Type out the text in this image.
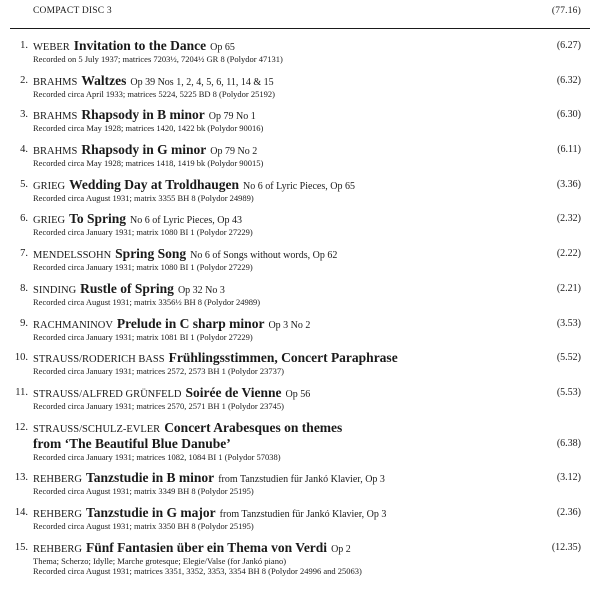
COMPACT DISC 3	(77.16)
1. WEBER Invitation to the Dance Op 65	(6.27)
Recorded on 5 July 1937; matrices 7203½, 7204½ GR 8 (Polydor 47131)
2. BRAHMS Waltzes Op 39 Nos 1, 2, 4, 5, 6, 11, 14 & 15	(6.32)
Recorded circa April 1933; matrices 5224, 5225 BD 8 (Polydor 25192)
3. BRAHMS Rhapsody in B minor Op 79 No 1	(6.30)
Recorded circa May 1928; matrices 1420, 1422 bk (Polydor 90016)
4. BRAHMS Rhapsody in G minor Op 79 No 2	(6.11)
Recorded circa May 1928; matrices 1418, 1419 bk (Polydor 90015)
5. GRIEG Wedding Day at Troldhaugen No 6 of Lyric Pieces, Op 65	(3.36)
Recorded circa August 1931; matrix 3355 BH 8 (Polydor 24989)
6. GRIEG To Spring No 6 of Lyric Pieces, Op 43	(2.32)
Recorded circa January 1931; matrix 1080 BI 1 (Polydor 27229)
7. MENDELSSOHN Spring Song No 6 of Songs without words, Op 62	(2.22)
Recorded circa January 1931; matrix 1080 BI 1 (Polydor 27229)
8. SINDING Rustle of Spring Op 32 No 3	(2.21)
Recorded circa August 1931; matrix 3356½ BH 8 (Polydor 24989)
9. RACHMANINOV Prelude in C sharp minor Op 3 No 2	(3.53)
Recorded circa January 1931; matrix 1081 BI 1 (Polydor 27229)
10. STRAUSS/RODERICH BASS Frühlingsstimmen, Concert Paraphrase	(5.52)
Recorded circa January 1931; matrices 2572, 2573 BH 1 (Polydor 23737)
11. STRAUSS/ALFRED GRÜNFELD Soirée de Vienne Op 56	(5.53)
Recorded circa January 1931; matrices 2570, 2571 BH 1 (Polydor 23745)
12. STRAUSS/SCHULZ-EVLER Concert Arabesques on themes
from ‘The Beautiful Blue Danube’	(6.38)
Recorded circa January 1931; matrices 1082, 1084 BI 1 (Polydor 57038)
13. REHBERG Tanzstudie in B minor from Tanzstudien für Jankó Klavier, Op 3	(3.12)
Recorded circa August 1931; matrix 3349 BH 8 (Polydor 25195)
14. REHBERG Tanzstudie in G major from Tanzstudien für Jankó Klavier, Op 3	(2.36)
Recorded circa August 1931; matrix 3350 BH 8 (Polydor 25195)
15. REHBERG Fünf Fantasien über ein Thema von Verdi Op 2	(12.35)
Thema; Scherzo; Idylle; Marche grotesque; Elegie/Valse (for Jankó piano)
Recorded circa August 1931; matrices 3351, 3352, 3353, 3354 BH 8 (Polydor 24996 and 25063)
